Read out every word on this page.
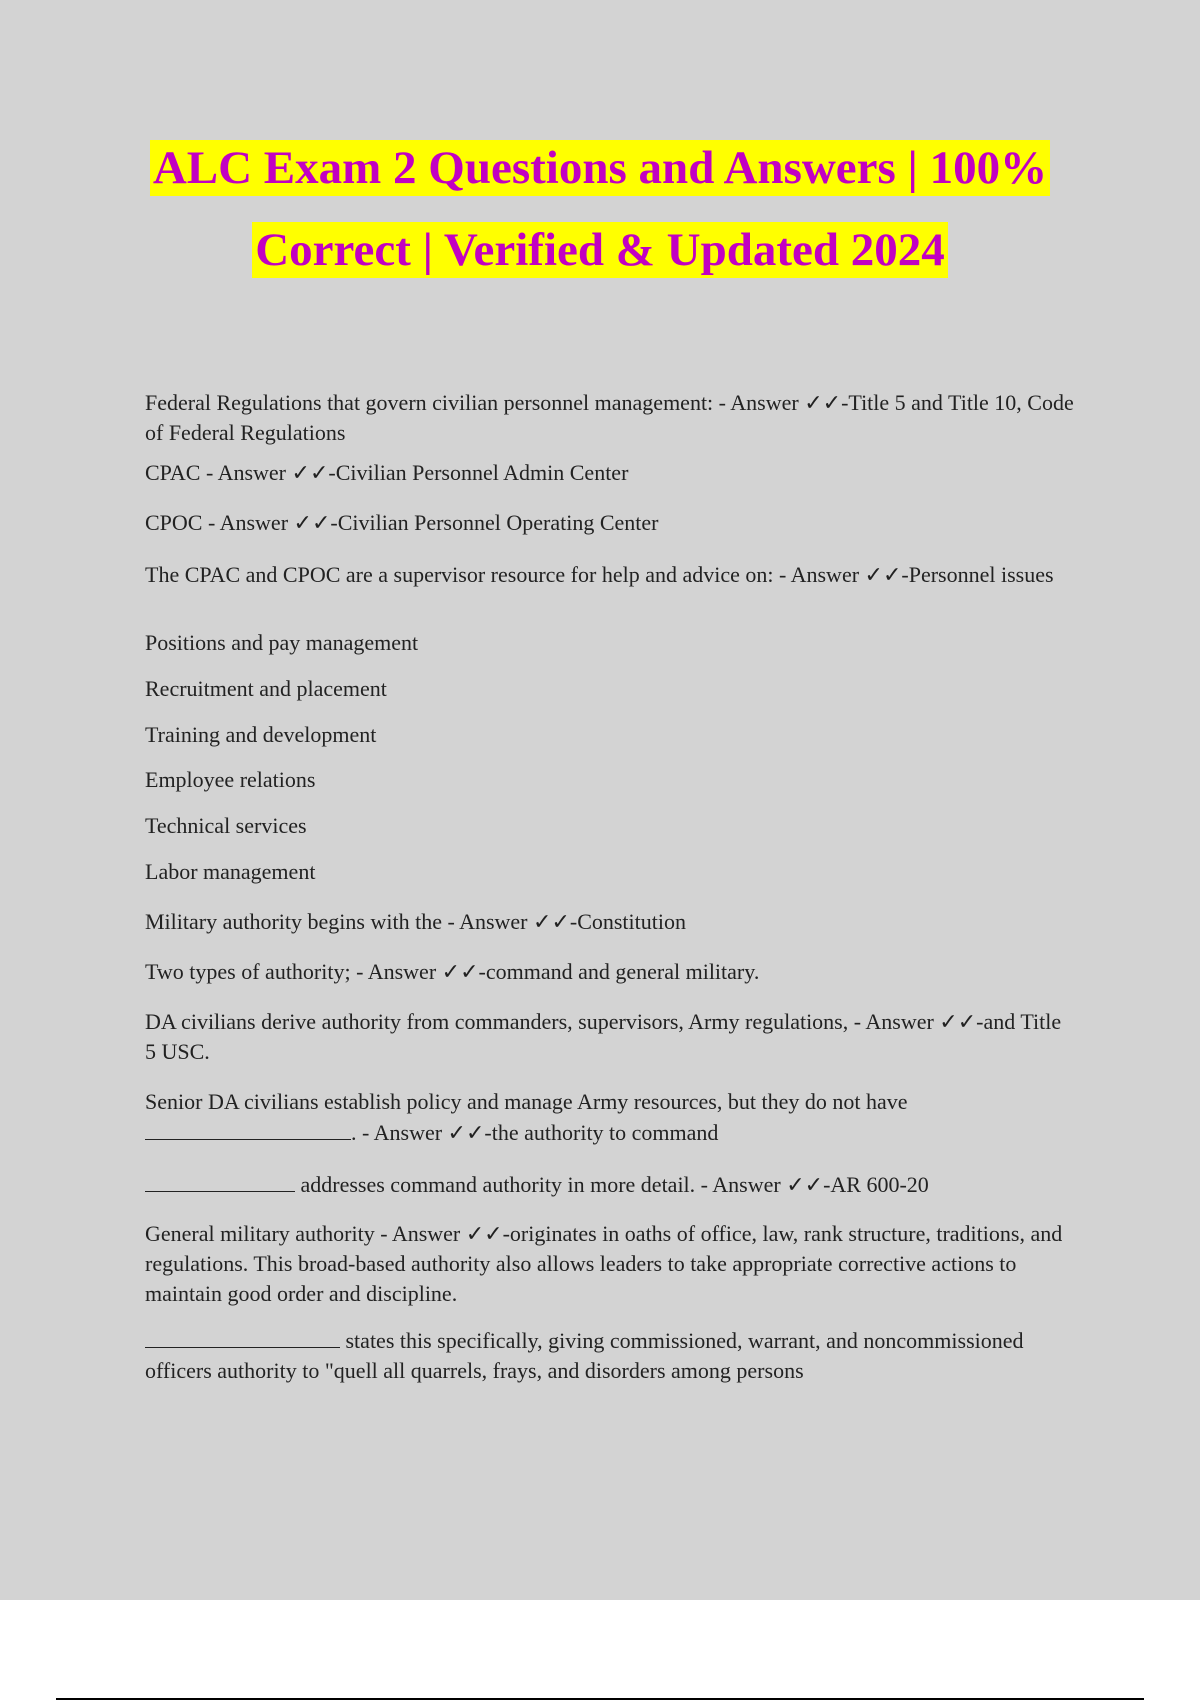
ALC Exam 2 Questions and Answers | 100%
Correct | Verified & Updated 2024

Federal Regulations that govern civilian personnel management: - Answer ✓✓-Title 5 and Title 10, Code of Federal Regulations

CPAC - Answer ✓✓-Civilian Personnel Admin Center

CPOC - Answer ✓✓-Civilian Personnel Operating Center

The CPAC and CPOC are a supervisor resource for help and advice on: - Answer ✓✓-Personnel issues

Positions and pay management

Recruitment and placement

Training and development

Employee relations

Technical services

Labor management

Military authority begins with the - Answer ✓✓-Constitution

Two types of authority; - Answer ✓✓-command and general military.

DA civilians derive authority from commanders, supervisors, Army regulations, - Answer ✓✓-and Title 5 USC.

Senior DA civilians establish policy and manage Army resources, but they do not have
. - Answer ✓✓-the authority to command

addresses command authority in more detail. - Answer ✓✓-AR 600-20

General military authority - Answer ✓✓-originates in oaths of office, law, rank structure, traditions, and regulations. This broad-based authority also allows leaders to take appropriate corrective actions to maintain good order and discipline.

states this specifically, giving commissioned, warrant, and noncommissioned officers authority to "quell all quarrels, frays, and disorders among persons
